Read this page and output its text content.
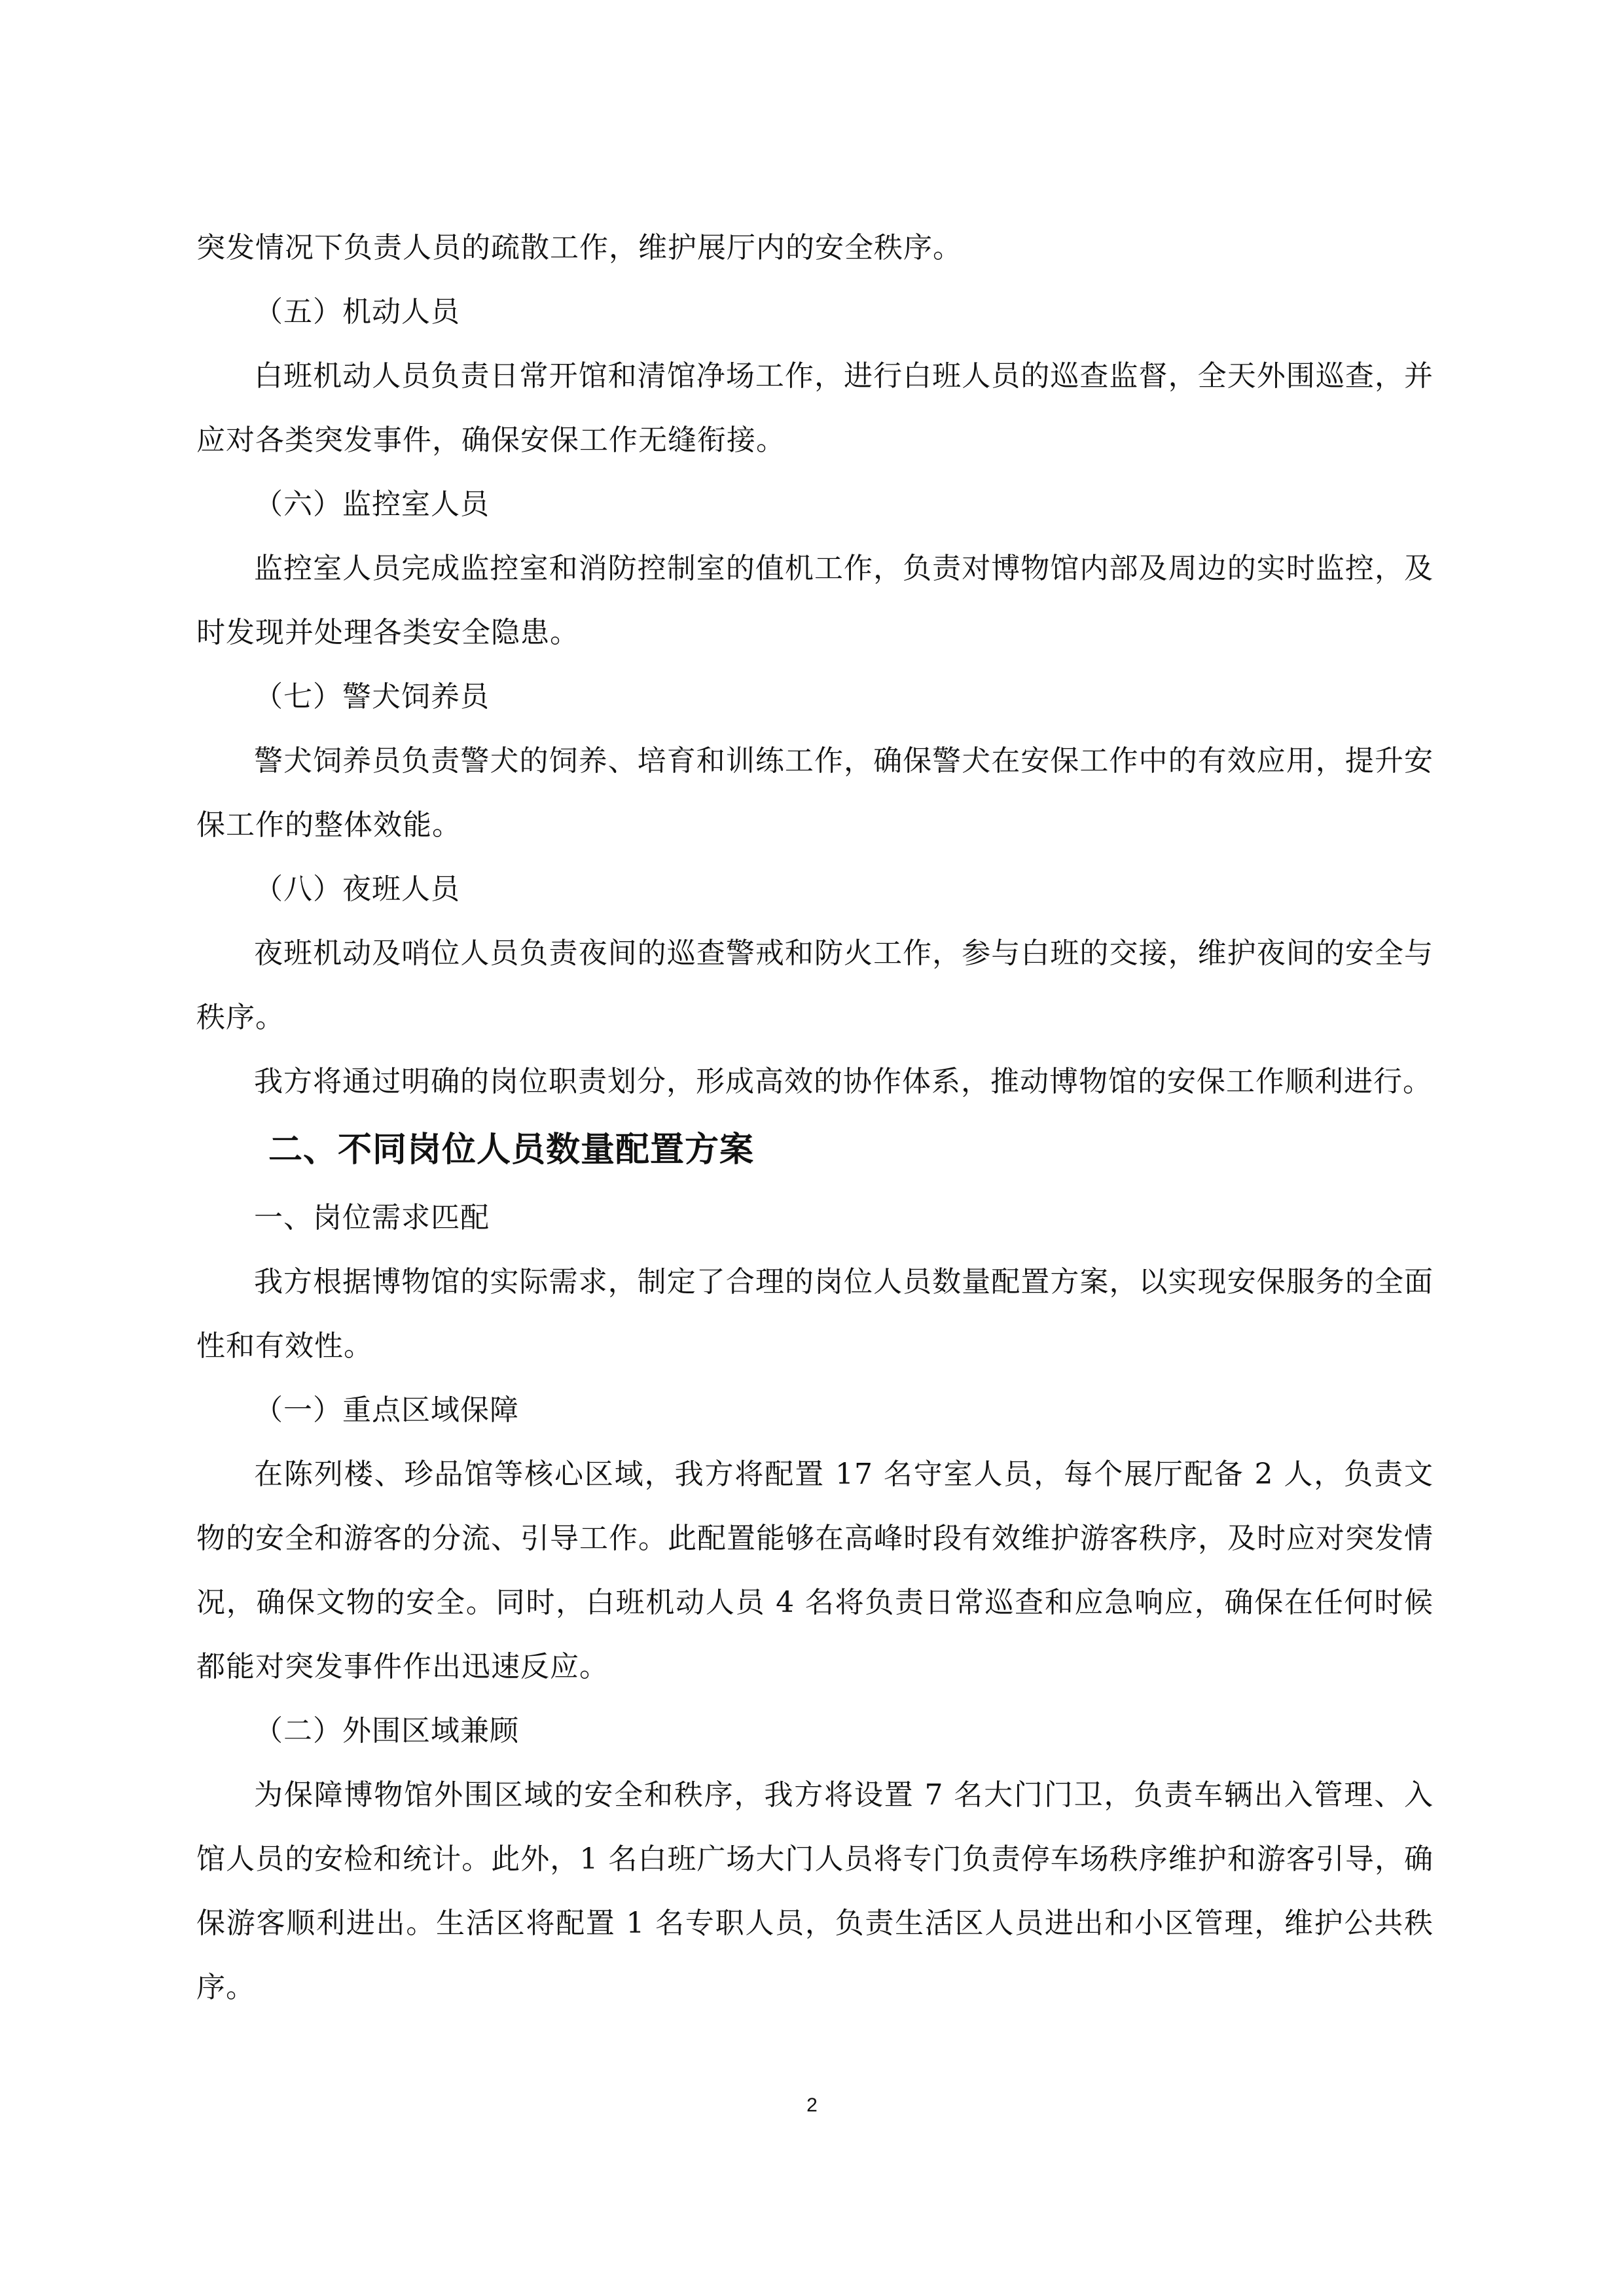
突发情况下负责人员的疏散工作，维护展厅内的安全秩序。

（五）机动人员

白班机动人员负责日常开馆和清馆净场工作，进行白班人员的巡查监督，全天外围巡查，并应对各类突发事件，确保安保工作无缝衔接。

（六）监控室人员

监控室人员完成监控室和消防控制室的值机工作，负责对博物馆内部及周边的实时监控，及时发现并处理各类安全隐患。

（七）警犬饲养员

警犬饲养员负责警犬的饲养、培育和训练工作，确保警犬在安保工作中的有效应用，提升安保工作的整体效能。

（八）夜班人员

夜班机动及哨位人员负责夜间的巡查警戒和防火工作，参与白班的交接，维护夜间的安全与秩序。

我方将通过明确的岗位职责划分，形成高效的协作体系，推动博物馆的安保工作顺利进行。

二、不同岗位人员数量配置方案

一、岗位需求匹配

我方根据博物馆的实际需求，制定了合理的岗位人员数量配置方案，以实现安保服务的全面性和有效性。

（一）重点区域保障

在陈列楼、珍品馆等核心区域，我方将配置 17 名守室人员，每个展厅配备 2 人，负责文物的安全和游客的分流、引导工作。此配置能够在高峰时段有效维护游客秩序，及时应对突发情况，确保文物的安全。同时，白班机动人员 4 名将负责日常巡查和应急响应，确保在任何时候都能对突发事件作出迅速反应。

（二）外围区域兼顾

为保障博物馆外围区域的安全和秩序，我方将设置 7 名大门门卫，负责车辆出入管理、入馆人员的安检和统计。此外，1 名白班广场大门人员将专门负责停车场秩序维护和游客引导，确保游客顺利进出。生活区将配置 1 名专职人员，负责生活区人员进出和小区管理，维护公共秩序。

2
